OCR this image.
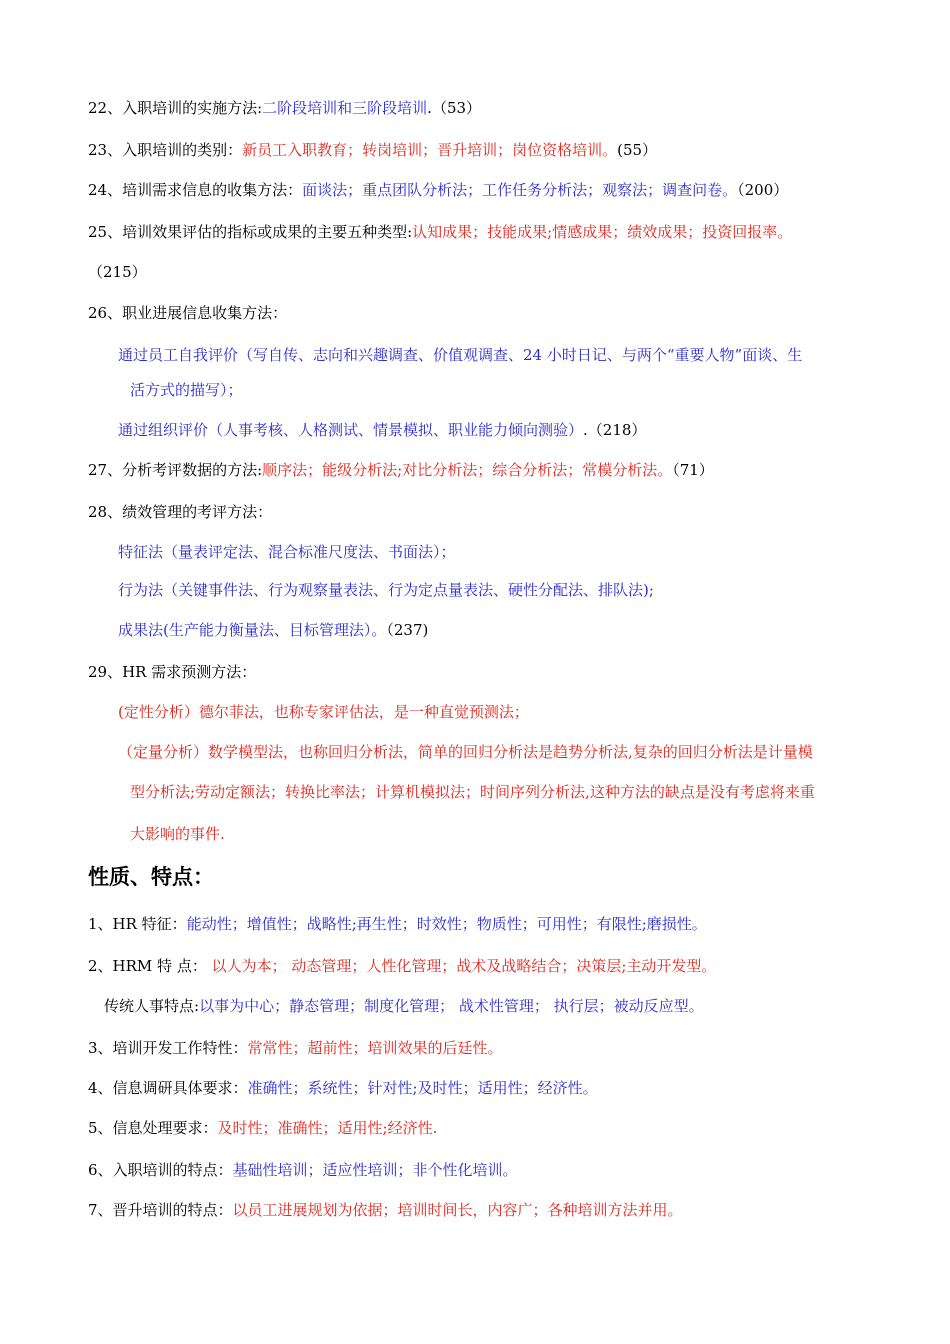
22、入职培训的实施方法:二阶段培训和三阶段培训.（53）
23、入职培训的类别：新员工入职教育；转岗培训；晋升培训；岗位资格培训。(55）
24、培训需求信息的收集方法：面谈法；重点团队分析法；工作任务分析法；观察法；调查问卷。（200）
25、培训效果评估的指标或成果的主要五种类型:认知成果；技能成果;情感成果；绩效成果；投资回报率。
（215）
26、职业进展信息收集方法：
通过员工自我评价（写自传、志向和兴趣调查、价值观调查、24 小时日记、与两个“重要人物”面谈、生
活方式的描写）；
通过组织评价（人事考核、人格测试、情景模拟、职业能力倾向测验）.（218）
27、分析考评数据的方法:顺序法；能级分析法;对比分析法；综合分析法；常模分析法。（71）
28、绩效管理的考评方法：
特征法（量表评定法、混合标准尺度法、书面法）；
行为法（关键事件法、行为观察量表法、行为定点量表法、硬性分配法、排队法);
成果法(生产能力衡量法、目标管理法）。（237)
29、HR 需求预测方法：
(定性分析）德尔菲法，也称专家评估法，是一种直觉预测法；
（定量分析）数学模型法，也称回归分析法，简单的回归分析法是趋势分析法,复杂的回归分析法是计量模
型分析法;劳动定额法；转换比率法；计算机模拟法；时间序列分析法,这种方法的缺点是没有考虑将来重
大影响的事件.
1、HR 特征：能动性；增值性；战略性;再生性；时效性；物质性；可用性；有限性;磨损性。
2、HRM 特 点： 以人为本； 动态管理；人性化管理；战术及战略结合；决策层;主动开发型。
传统人事特点:以事为中心；静态管理；制度化管理； 战术性管理； 执行层；被动反应型。
3、培训开发工作特性：常常性；超前性；培训效果的后廷性。
4、信息调研具体要求：准确性；系统性；针对性;及时性；适用性；经济性。
5、信息处理要求：及时性；准确性；适用性;经济性.
6、入职培训的特点：基础性培训；适应性培训；非个性化培训。
7、晋升培训的特点：以员工进展规划为依据；培训时间长，内容广；各种培训方法并用。
性质、特点：
